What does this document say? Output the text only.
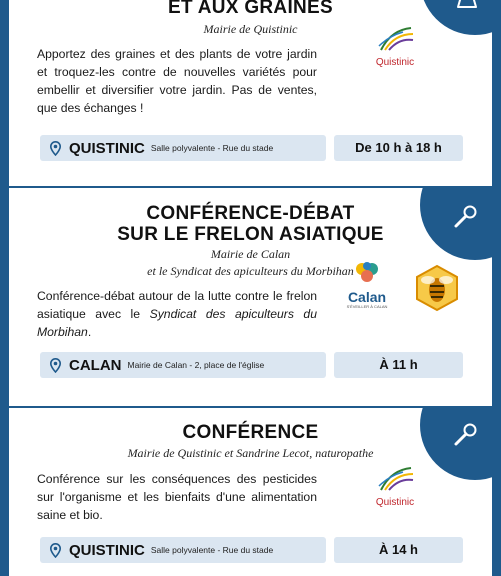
ET AUX GRAINES
Mairie de Quistinic
Apportez des graines et des plants de votre jardin et troquez-les contre de nouvelles variétés pour embellir et diversifier votre jardin. Pas de ventes, que des échanges !
Quistinic
QUISTINIC Salle polyvalente - Rue du stade	De 10 h à 18 h
CONFÉRENCE-DÉBAT
SUR LE FRELON ASIATIQUE
Mairie de Calan
et le Syndicat des apiculteurs du Morbihan
Conférence-débat autour de la lutte contre le frelon asiatique avec le Syndicat des apiculteurs du Morbihan.
Calan
S'ÉVEILLER À CALAN
CALAN Mairie de Calan - 2, place de l'église	À 11 h
CONFÉRENCE
Mairie de Quistinic et Sandrine Lecot, naturopathe
Conférence sur les conséquences des pesticides sur l'organisme et les bienfaits d'une alimentation saine et bio.
Quistinic
QUISTINIC Salle polyvalente - Rue du stade	À 14 h
